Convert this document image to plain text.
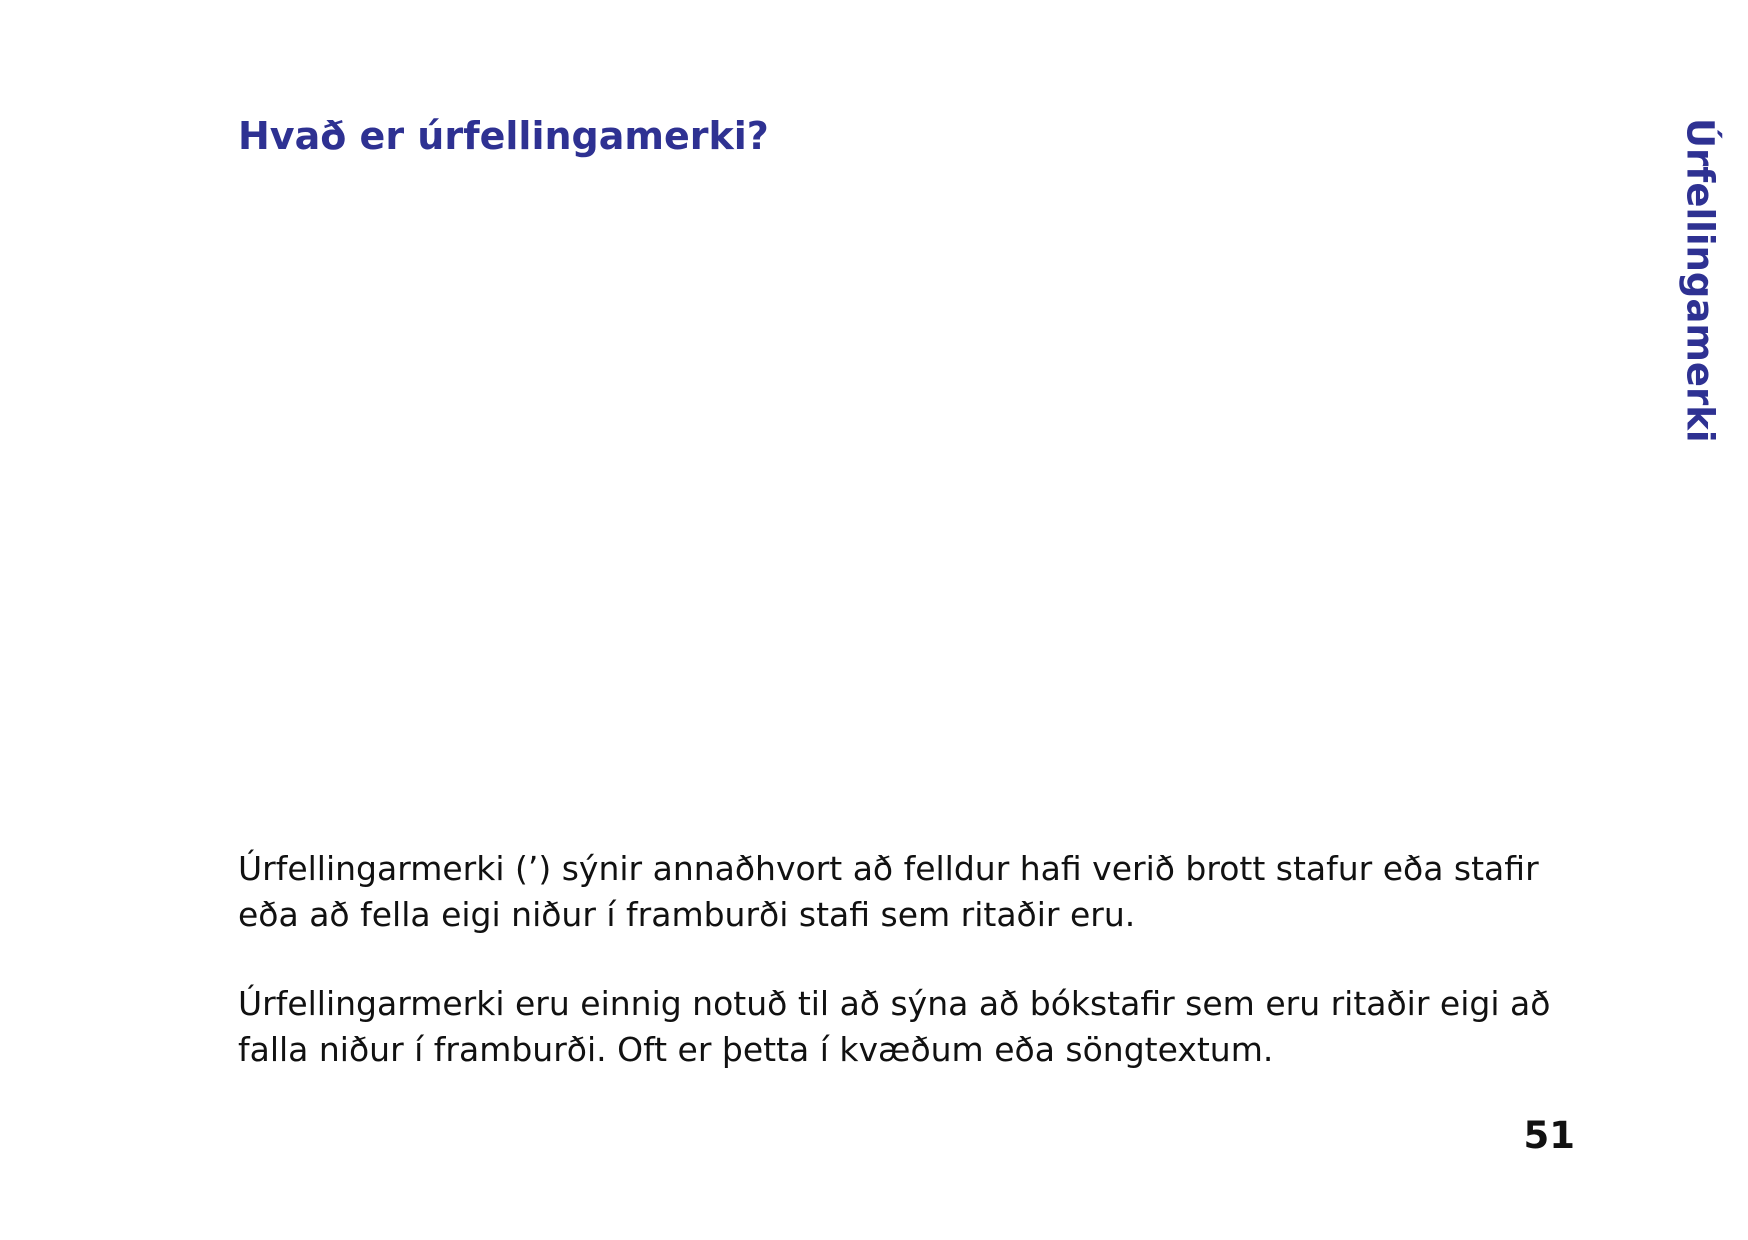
Hvað er úrfellingamerki?	Úrfellingamerki

Úrfellingarmerki (’) sýnir annaðhvort að felldur hafi verið brott stafur eða stafir eða að fella eigi niður í framburði stafi sem ritaðir eru.

Úrfellingarmerki eru einnig notuð til að sýna að bókstafir sem eru ritaðir eigi að falla niður í framburði. Oft er þetta í kvæðum eða söngtextum.

51
